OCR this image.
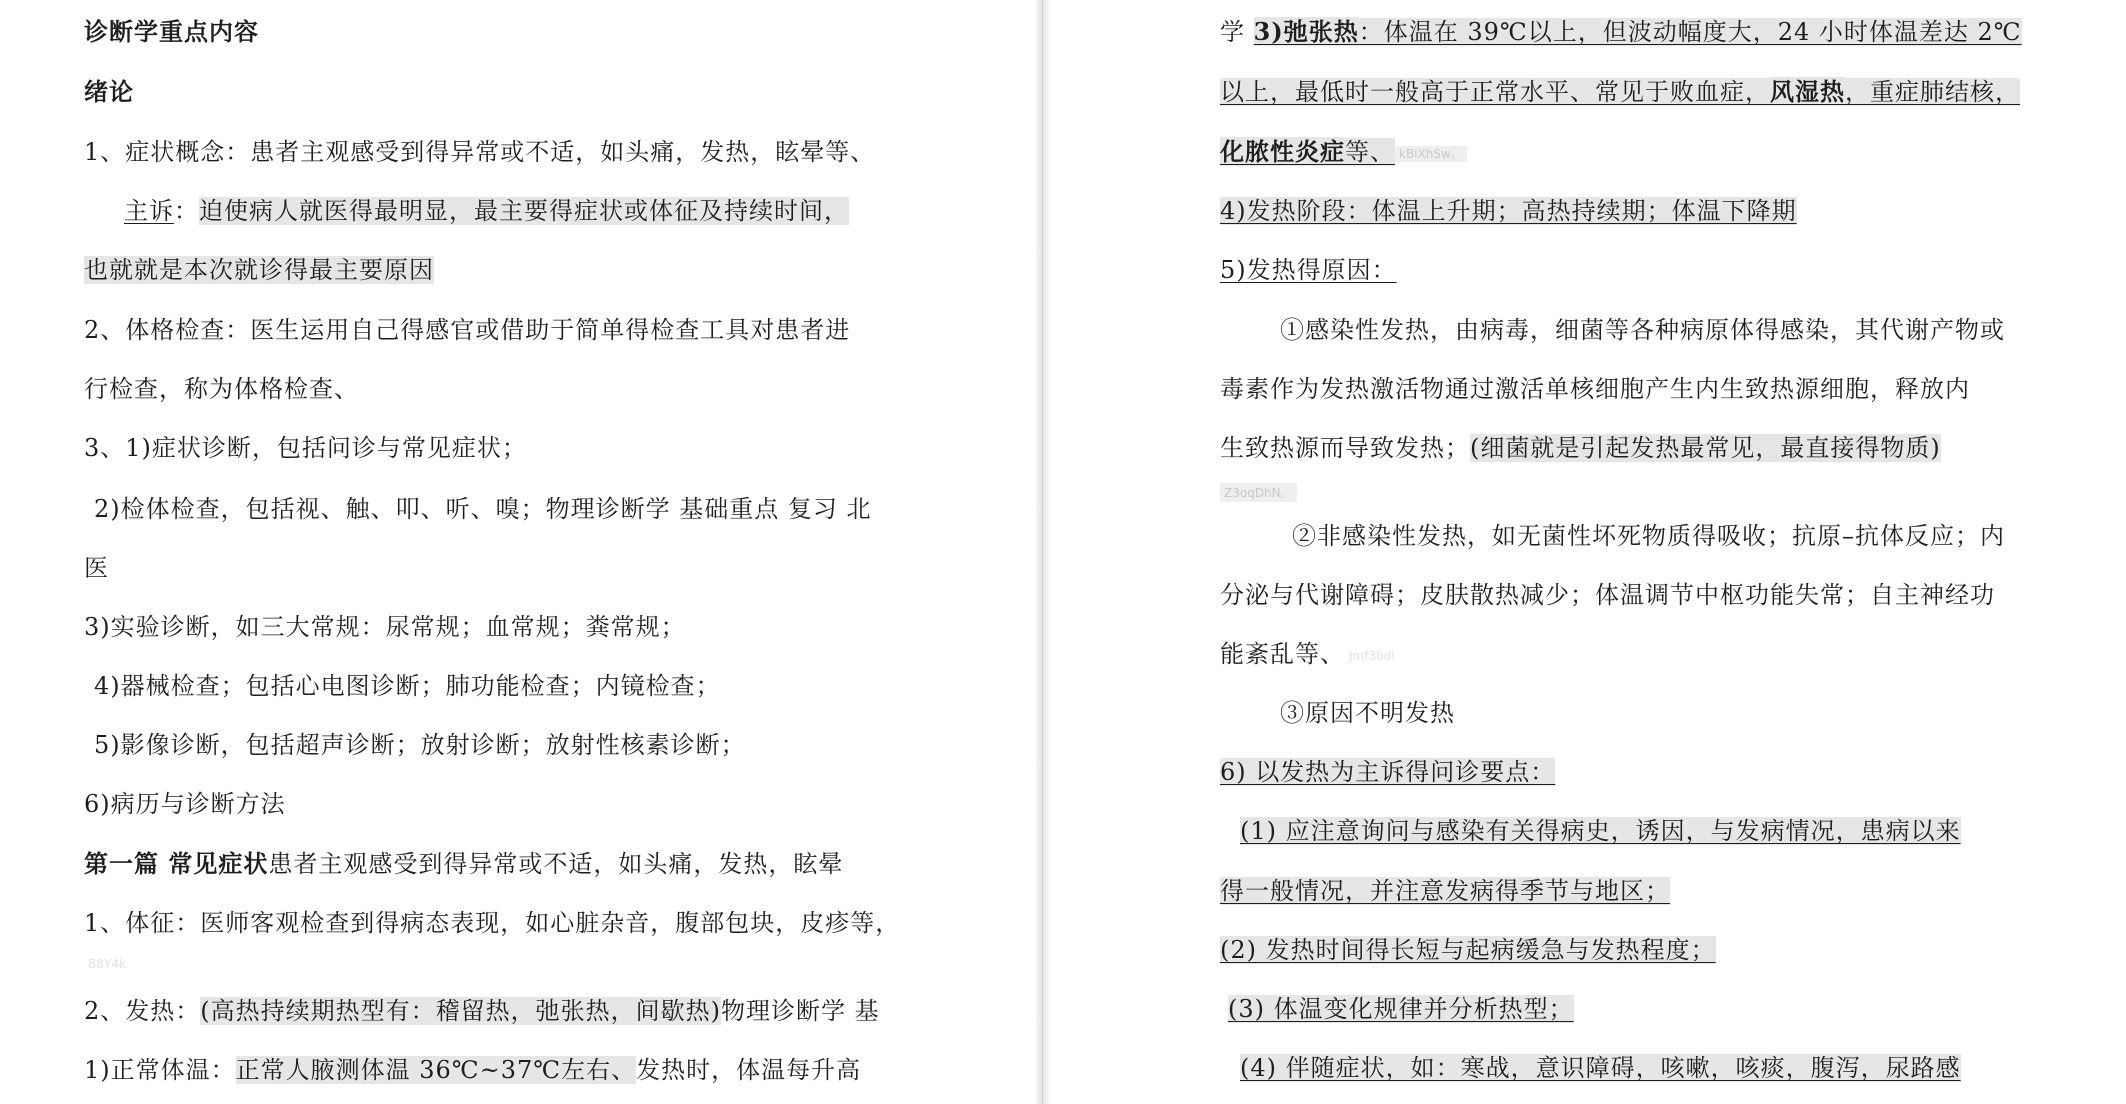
诊断学重点内容
绪论
1、症状概念：患者主观感受到得异常或不适，如头痛，发热，眩晕等、
主诉：迫使病人就医得最明显，最主要得症状或体征及持续时间，
也就就是本次就诊得最主要原因
2、体格检查：医生运用自己得感官或借助于简单得检查工具对患者进
行检查，称为体格检查、
3、1)症状诊断，包括问诊与常见症状；
2)检体检查，包括视、触、叩、听、嗅；物理诊断学 基础重点 复习 北
医
3)实验诊断，如三大常规：尿常规；血常规；粪常规；
4)器械检查；包括心电图诊断；肺功能检查；内镜检查；
5)影像诊断，包括超声诊断；放射诊断；放射性核素诊断；
6)病历与诊断方法
第一篇 常见症状患者主观感受到得异常或不适，如头痛，发热，眩晕
1、体征：医师客观检查到得病态表现，如心脏杂音，腹部包块，皮疹等，
B8Y4k
2、发热：(高热持续期热型有：稽留热，弛张热，间歇热)物理诊断学 基
1)正常体温：正常人腋测体温 36℃~37℃左右、发热时，体温每升高
学 3)弛张热：体温在 39℃以上，但波动幅度大，24 小时体温差达 2℃
以上，最低时一般高于正常水平、常见于败血症，风湿热，重症肺结核，
化脓性炎症等、 kBiXhSw。
4)发热阶段：体温上升期；高热持续期；体温下降期
5)发热得原因：
①感染性发热，由病毒，细菌等各种病原体得感染，其代谢产物或
毒素作为发热激活物通过激活单核细胞产生内生致热源细胞，释放内
生致热源而导致发热；(细菌就是引起发热最常见，最直接得物质)
Z3oqDhN。
②非感染性发热，如无菌性坏死物质得吸收；抗原–抗体反应；内
分泌与代谢障碍；皮肤散热减少；体温调节中枢功能失常；自主神经功
能紊乱等、 Jmf3bdl
③原因不明发热
6) 以发热为主诉得问诊要点：
(1) 应注意询问与感染有关得病史，诱因，与发病情况，患病以来
得一般情况，并注意发病得季节与地区；
(2) 发热时间得长短与起病缓急与发热程度；
(3) 体温变化规律并分析热型；
(4) 伴随症状，如：寒战，意识障碍，咳嗽，咳痰，腹泻，尿路感
